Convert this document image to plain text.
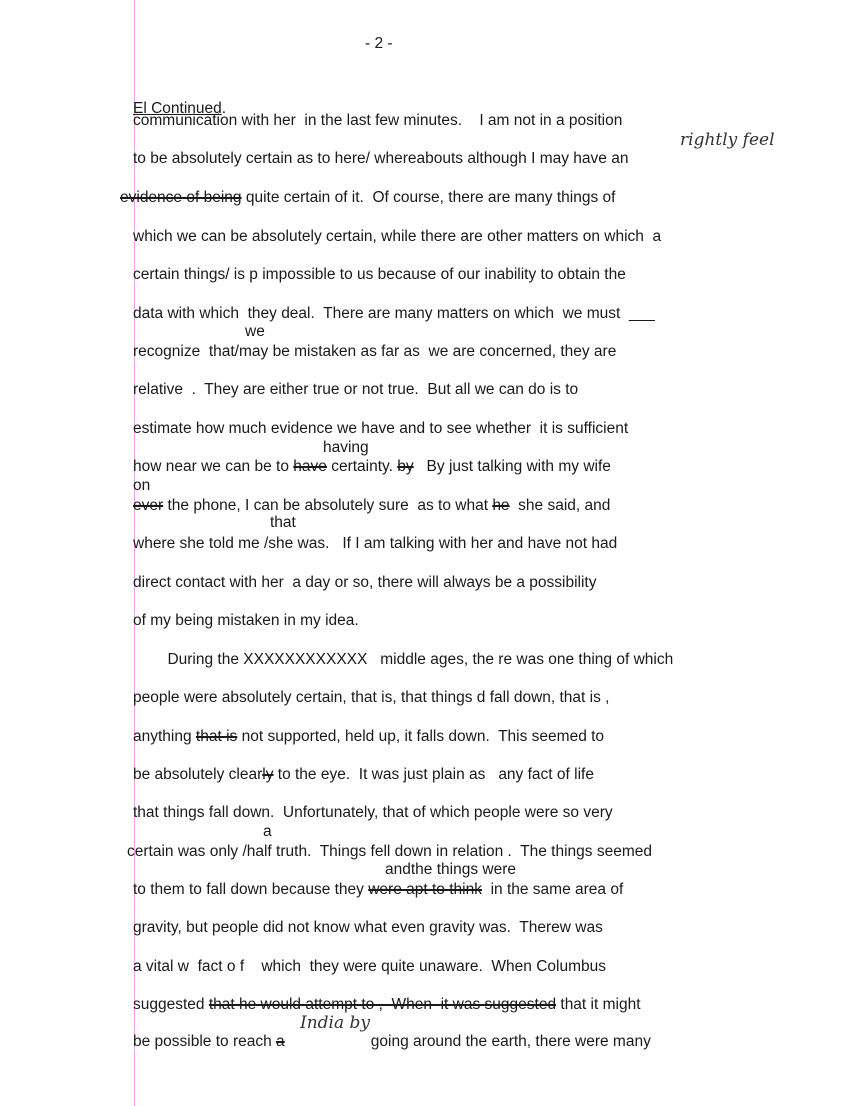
- 2 -
El Continued.
communication with her  in the last few minutes.    I am not in a position
to be absolutely certain as to here/ whereabouts although I may have an
evidence of being quite certain of it.  Of course, there are many things of
which we can be absolutely certain, while there are other matters on which  a
certain things/ is p impossible to us because of our inability to obtain the
data with which  they deal.  There are many matters on which  we must  ___
recognize  that/may be mistaken as far as  we are concerned, they are
relative  .  They are either true or not true.  But all we can do is to
estimate how much evidence we have and to see whether  it is sufficient
how near we can be to have certainty. by   By just talking with my wife
ever the phone, I can be absolutely sure  as to what he  she said, and
where she told me /she was.   If I am talking with her and have not had
direct contact with her  a day or so, there will always be a possibility
of my being mistaken in my idea.
During the XXXXXXXXXXXX   middle ages, the re was one thing of which
people were absolutely certain, that is, that things d fall down, that is ,
anything that is not supported, held up, it falls down.  This seemed to
be absolutely clearly to the eye.  It was just plain as   any fact of life
that things fall down.  Unfortunately, that of which people were so very
certain was only /half truth.  Things fell down in relation .  The things seemed
to them to fall down because they were apt to think  in the same area of
gravity, but people did not know what even gravity was.  Therew was
a vital w  fact o f    which  they were quite unaware.  When Columbus
suggested that he would attempt to ,  When  it was suggested that it might
be possible to reach a                    going around the earth, there were many
we
having
on
that
a
andthe things were
rightly feel
India by
